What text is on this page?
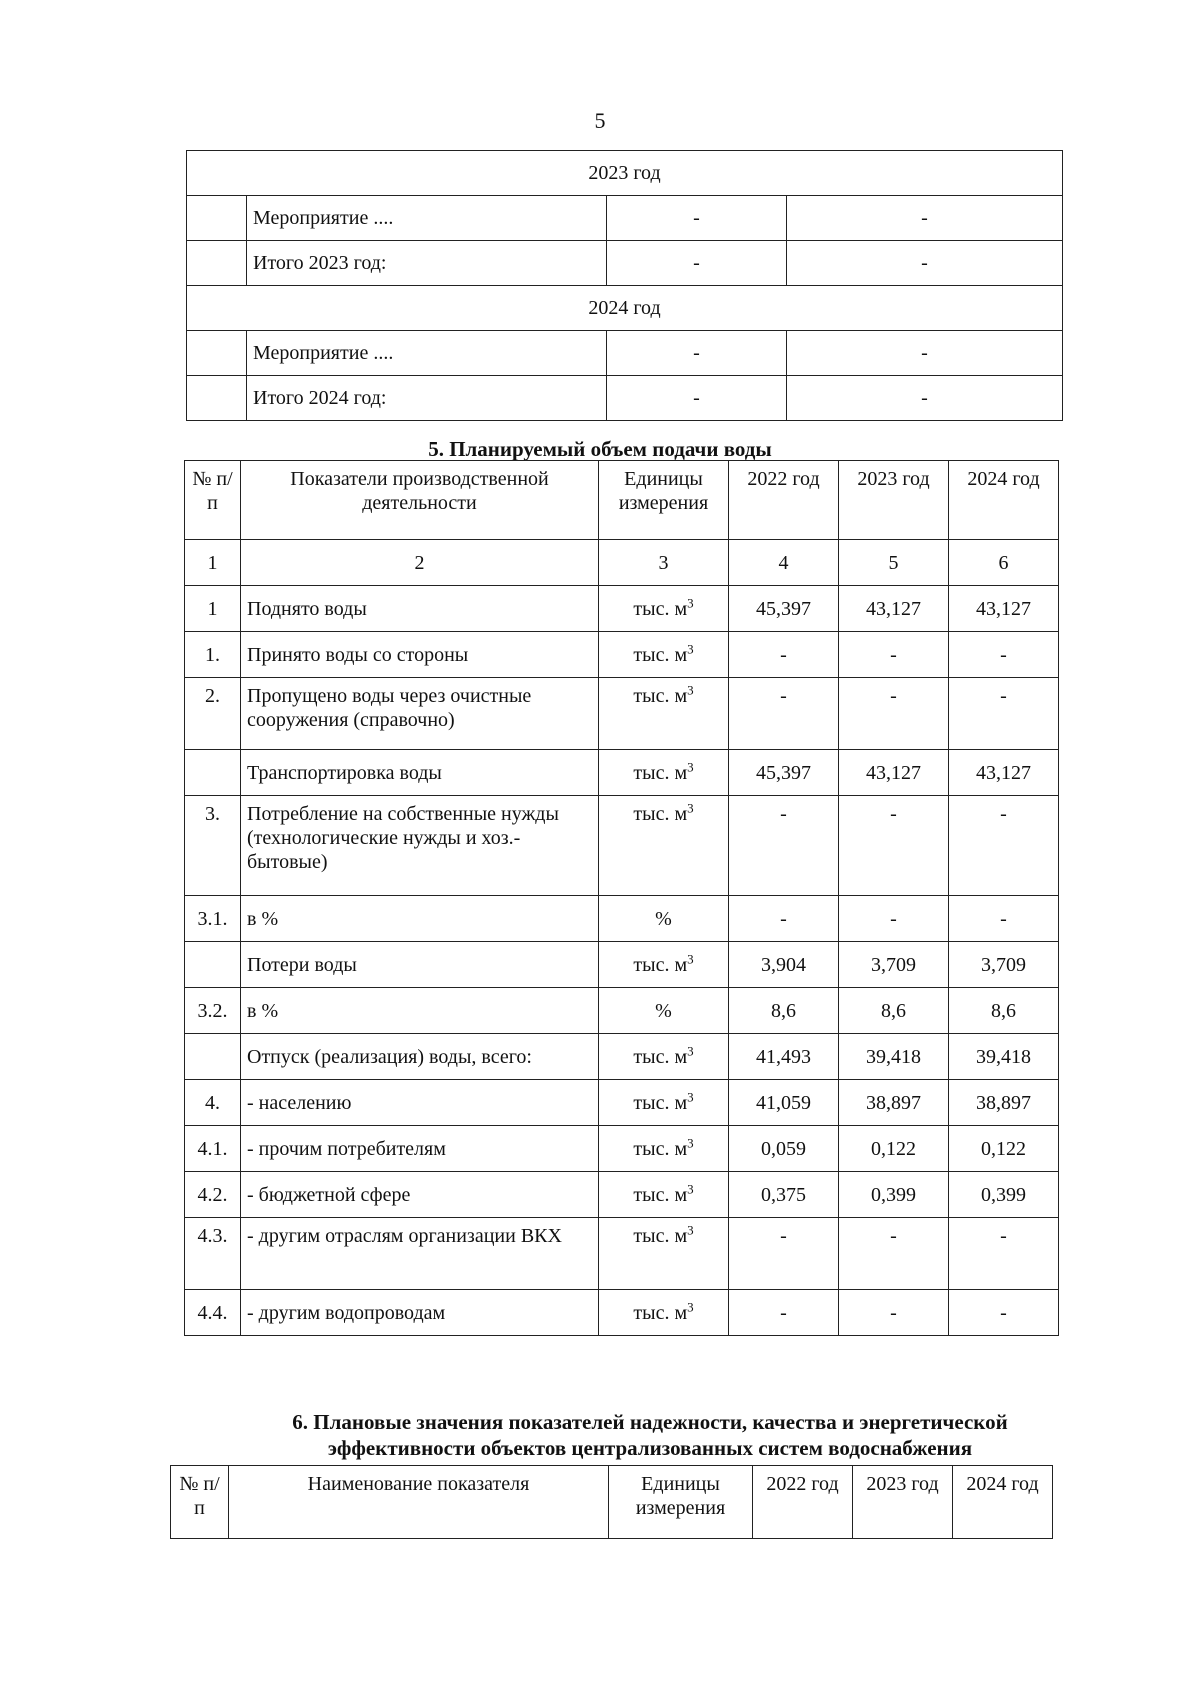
5
2023 год			
	Мероприятие ....	-	-
	Итого 2023 год:	-	-
2024 год			
	Мероприятие ....	-	-
	Итого 2024 год:	-	-
5. Планируемый объем подачи воды
№ п/п	Показатели производственной деятельности	Единицы измерения	2022 год	2023 год	2024 год
1	2	3	4	5	6
1	Поднято воды	тыс. $м^3$	45,397	43,127	43,127
1.	Принято воды со стороны	тыс. $м^3$	-	-	-
2.	Пропущено воды через очистные сооружения (справочно)	тыс. $м^3$	-	-	-
	Транспортировка воды	тыс. $м^3$	45,397	43,127	43,127
3.	Потребление на собственные нужды (технологические нужды и хоз.-бытовые)	тыс. $м^3$	-	-	-
3.1.	в %	%	-	-	-
	Потери воды	тыс. $м^3$	3,904	3,709	3,709
3.2.	в %	%	8,6	8,6	8,6
	Отпуск (реализация) воды, всего:	тыс. $м^3$	41,493	39,418	39,418
4.	- населению	тыс. $м^3$	41,059	38,897	38,897
4.1.	- прочим потребителям	тыс. $м^3$	0,059	0,122	0,122
4.2.	- бюджетной сфере	тыс. $м^3$	0,375	0,399	0,399
4.3.	- другим отраслям организации ВКХ	тыс. $м^3$	-	-	-
4.4.	- другим водопроводам	тыс. $м^3$	-	-	-
6. Плановые значения показателей надежности, качества и энергетической эффективности объектов централизованных систем водоснабжения
№ п/п	Наименование показателя	Единицы измерения	2022 год	2023 год	2024 год
